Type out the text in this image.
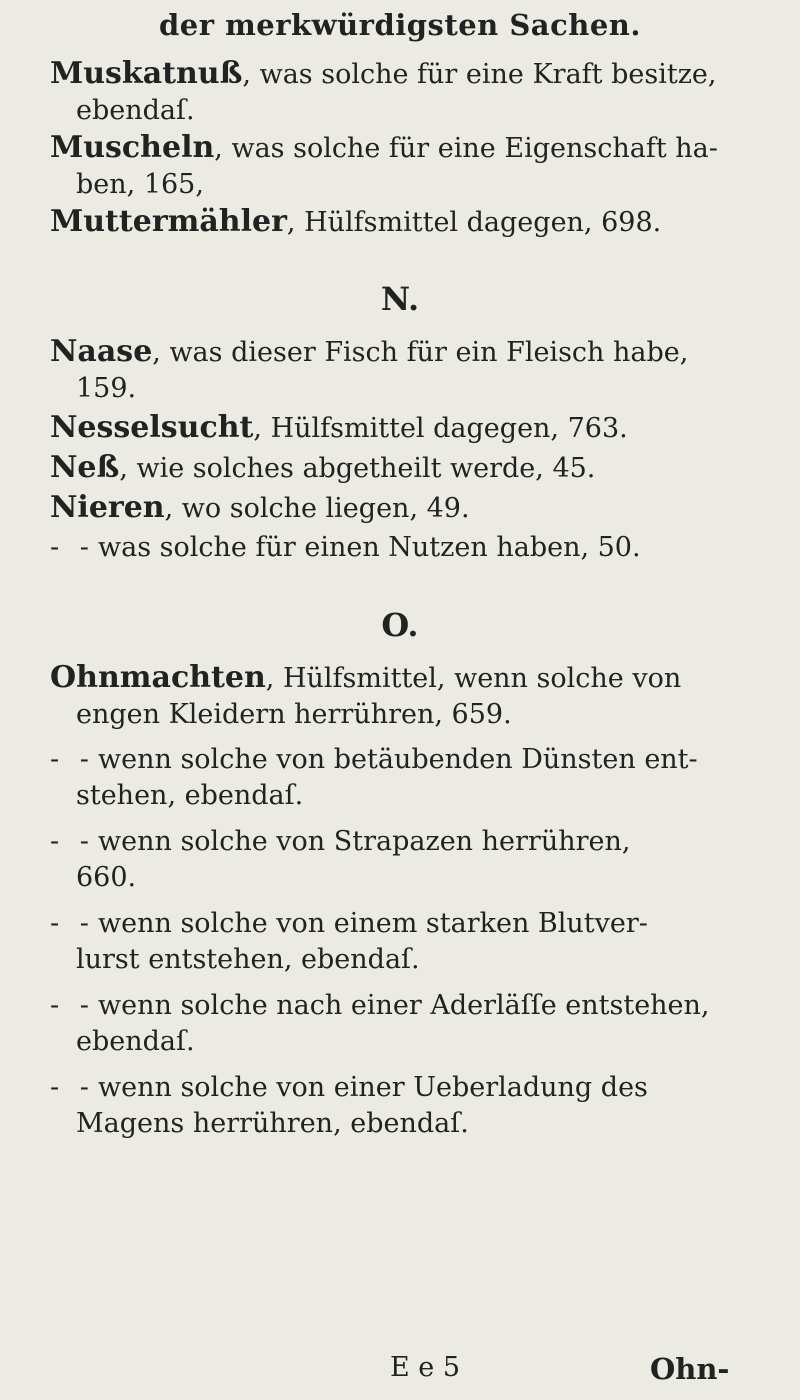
der merkwürdigsten Sachen.
Muskatnuß, was solche für eine Kraft besitze,
ebendaſ.
Muscheln, was solche für eine Eigenschaft ha-
ben, 165,
Muttermähler, Hülfsmittel dagegen, 698.
N.
Naase, was dieser Fisch für ein Fleisch habe,
159.
Nesselsucht, Hülfsmittel dagegen, 763.
Neß, wie solches abgetheilt werde, 45.
Nieren, wo solche liegen, 49.
- - was solche für einen Nutzen haben, 50.
O.
Ohnmachten, Hülfsmittel, wenn solche von
engen Kleidern herrühren, 659.
- - wenn solche von betäubenden Dünsten ent-
stehen, ebendaſ.
- - wenn solche von Strapazen herrühren,
660.
- - wenn solche von einem starken Blutver-
lurst entstehen, ebendaſ.
- - wenn solche nach einer Aderläſſe entstehen,
ebendaſ.
- - wenn solche von einer Ueberladung des
Magens herrühren, ebendaſ.
E e 5	Ohn-
